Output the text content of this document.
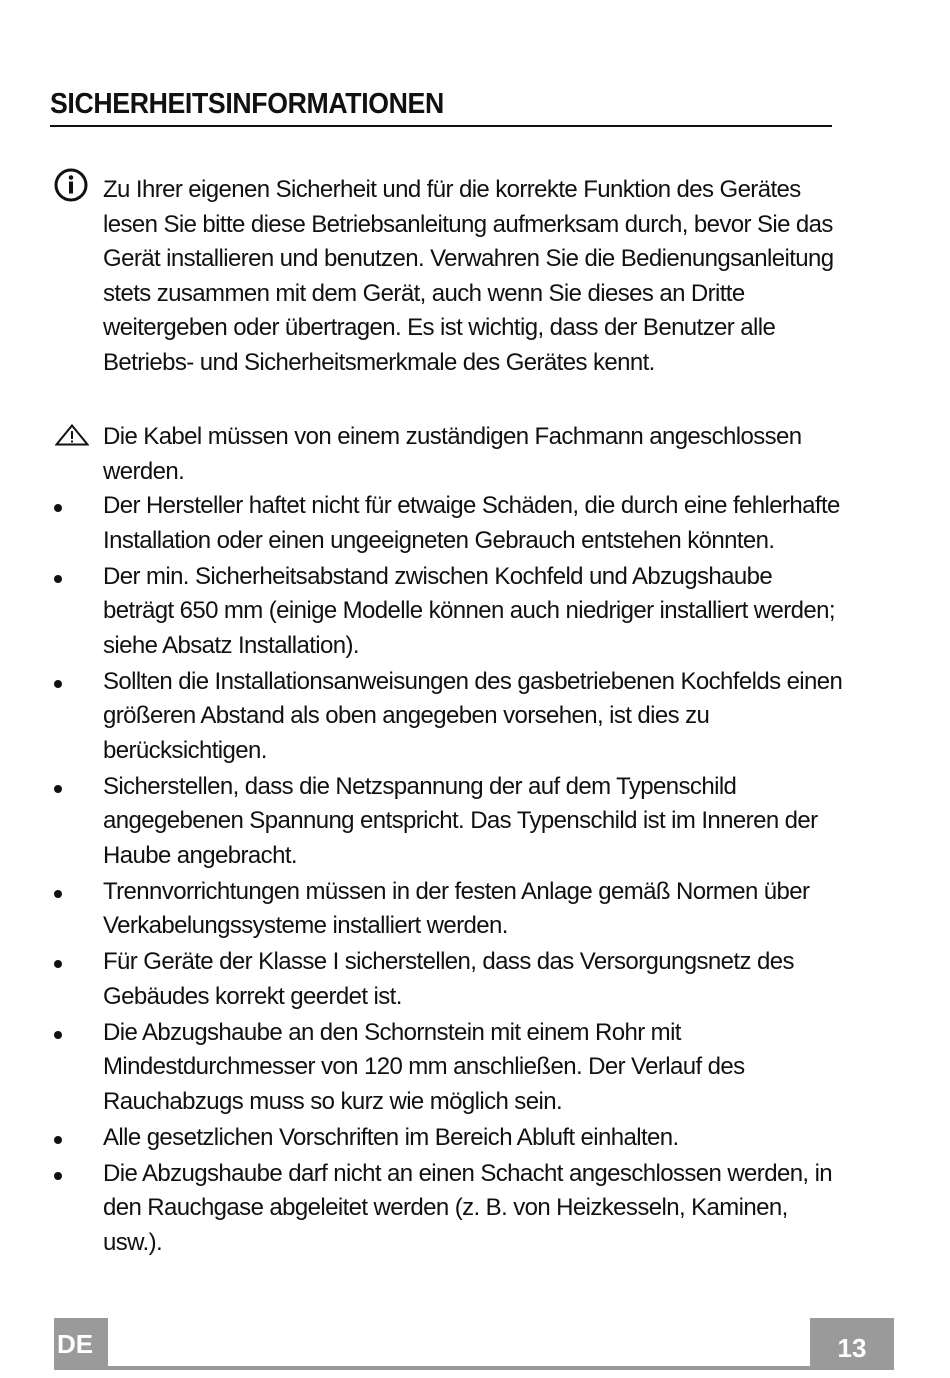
SICHERHEITSINFORMATIONEN
Zu Ihrer eigenen Sicherheit und für die korrekte Funktion des Gerätes
lesen Sie bitte diese Betriebsanleitung aufmerksam durch, bevor Sie das
Gerät installieren und benutzen. Verwahren Sie die Bedienungsanleitung
stets zusammen mit dem Gerät, auch wenn Sie dieses an Dritte
weitergeben oder übertragen. Es ist wichtig, dass der Benutzer alle
Betriebs- und Sicherheitsmerkmale des Gerätes kennt.
Die Kabel müssen von einem zuständigen Fachmann angeschlossen
werden.
Der Hersteller haftet nicht für etwaige Schäden, die durch eine fehlerhafte
Installation oder einen ungeeigneten Gebrauch entstehen könnten.
Der min. Sicherheitsabstand zwischen Kochfeld und Abzugshaube
beträgt 650 mm (einige Modelle können auch niedriger installiert werden;
siehe Absatz Installation).
Sollten die Installationsanweisungen des gasbetriebenen Kochfelds einen
größeren Abstand als oben angegeben vorsehen, ist dies zu
berücksichtigen.
Sicherstellen, dass die Netzspannung der auf dem Typenschild
angegebenen Spannung entspricht. Das Typenschild ist im Inneren der
Haube angebracht.
Trennvorrichtungen müssen in der festen Anlage gemäß Normen über
Verkabelungssysteme installiert werden.
Für Geräte der Klasse I sicherstellen, dass das Versorgungsnetz des
Gebäudes korrekt geerdet ist.
Die Abzugshaube an den Schornstein mit einem Rohr mit
Mindestdurchmesser von 120 mm anschließen. Der Verlauf des
Rauchabzugs muss so kurz wie möglich sein.
Alle gesetzlichen Vorschriften im Bereich Abluft einhalten.
Die Abzugshaube darf nicht an einen Schacht angeschlossen werden, in
den Rauchgase abgeleitet werden (z. B. von Heizkesseln, Kaminen,
usw.).
DE	13
